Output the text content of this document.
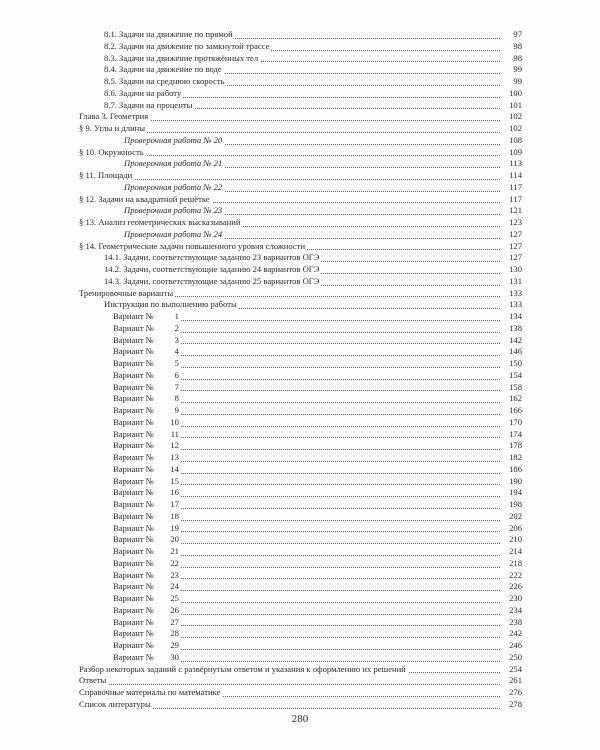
8.1. Задачи на движение по прямой	97
8.2. Задачи на движение по замкнутой трассе	98
8.3. Задачи на движение протяжённых тел	98
8.4. Задачи на движение по воде	99
8.5. Задачи на среднюю скорость	99
8.6. Задачи на работу	100
8.7. Задачи на проценты	101
Глава 3. Геометрия	102
§ 9. Углы и длины	102
Проверочная работа № 20	108
§ 10. Окружность	109
Проверочная работа № 21	113
§ 11. Площади	114
Проверочная работа № 22	117
§ 12. Задачи на квадратной решётке	117
Проверочная работа № 23	121
§ 13. Анализ геометрических высказываний	123
Проверочная работа № 24	127
§ 14. Геометрические задачи повышенного уровня сложности	127
14.1. Задачи, соответствующие заданию 23 вариантов ОГЭ	127
14.2. Задачи, соответствующие заданию 24 вариантов ОГЭ	130
14.3. Задачи, соответствующие заданию 25 вариантов ОГЭ	131
Тренировочные варианты	133
Инструкция по выполнению работы	133
Вариант № 1	134
Вариант № 2	138
Вариант № 3	142
Вариант № 4	146
Вариант № 5	150
Вариант № 6	154
Вариант № 7	158
Вариант № 8	162
Вариант № 9	166
Вариант № 10	170
Вариант № 11	174
Вариант № 12	178
Вариант № 13	182
Вариант № 14	186
Вариант № 15	190
Вариант № 16	194
Вариант № 17	198
Вариант № 18	202
Вариант № 19	206
Вариант № 20	210
Вариант № 21	214
Вариант № 22	218
Вариант № 23	222
Вариант № 24	226
Вариант № 25	230
Вариант № 26	234
Вариант № 27	238
Вариант № 28	242
Вариант № 29	246
Вариант № 30	250
Разбор некоторых заданий с развёрнутым ответом и указания к оформлению их решений	254
Ответы	261
Справочные материалы по математике	276
Список литературы	278
280
